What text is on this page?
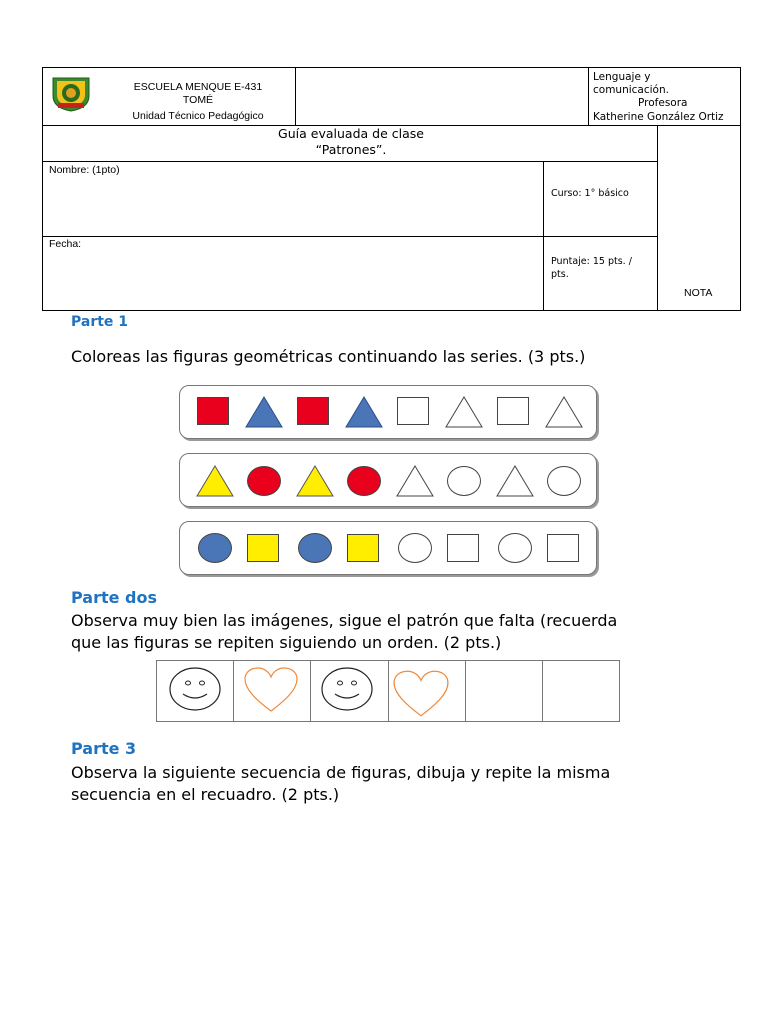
ESCUELA MENQUE E-431
TOMÉ
Unidad Técnico Pedagógico
Lenguaje y
comunicación.
Profesora
Katherine González Ortiz
Guía evaluada de clase
“Patrones”.
NOTA
Nombre: (1pto)
Curso: 1° básico
Fecha:
Puntaje: 15 pts. /
pts.
Parte 1
Coloreas las figuras geométricas continuando las series. (3 pts.)
Parte dos
Observa muy bien las imágenes, sigue el patrón que falta (recuerda
que las figuras se repiten siguiendo un orden. (2 pts.)
Parte 3
Observa la siguiente secuencia de figuras, dibuja y repite la misma
secuencia en el recuadro. (2 pts.)
